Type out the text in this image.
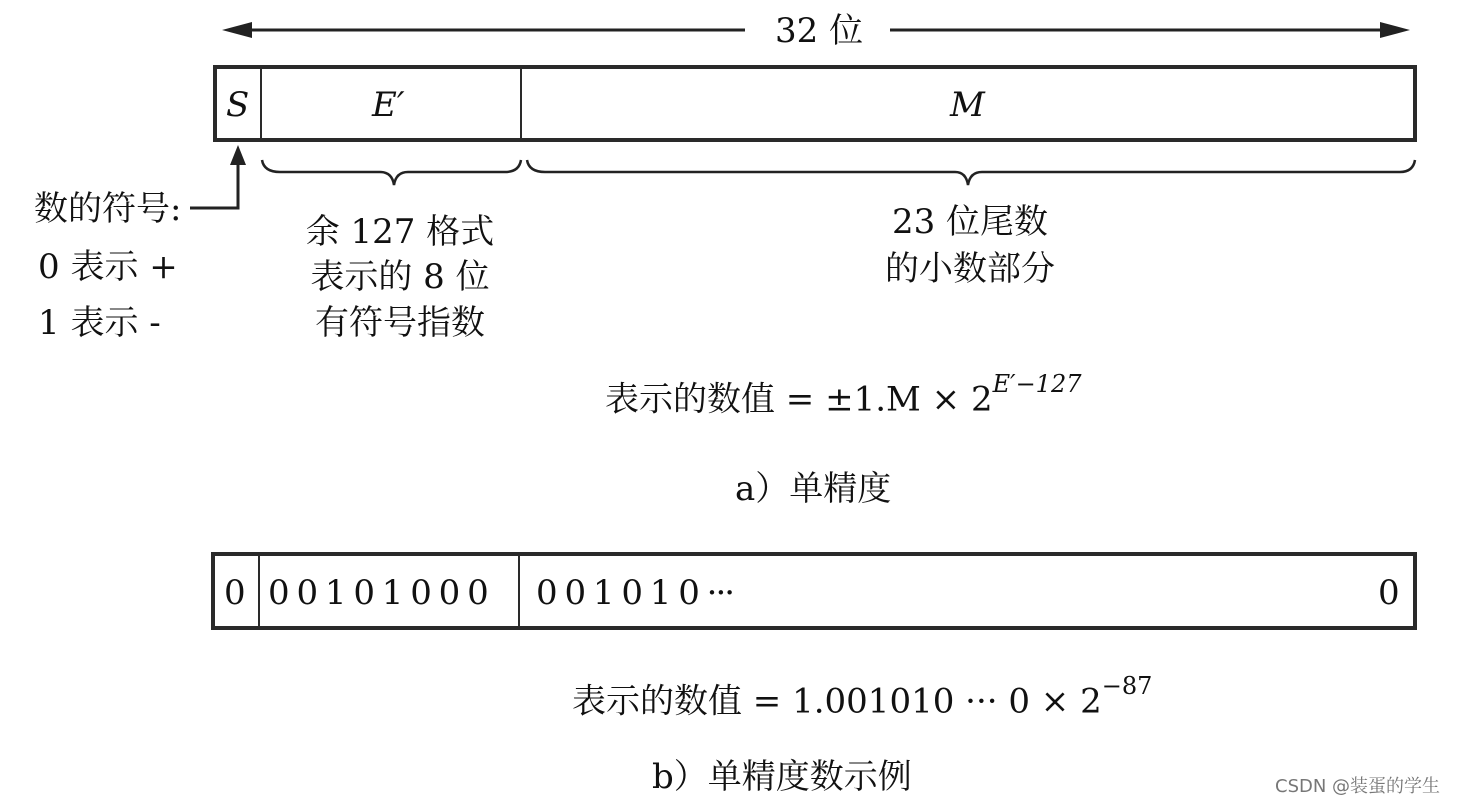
32 位
S	E′	M
数的符号:
0 表示 +
1 表示 -
余 127 格式
表示的 8 位
有符号指数
23 位尾数
的小数部分
表示的数值 = $\pm 1.M \times 2^{E'-127}$
a）单精度
0 0 0 1 0 1 0 0 0 0 0 1 0 1 0 ···	0
表示的数值 = 1.001010 ··· $0 \times 2^{-87}$
b）单精度数示例	CSDN @装蛋的学生
